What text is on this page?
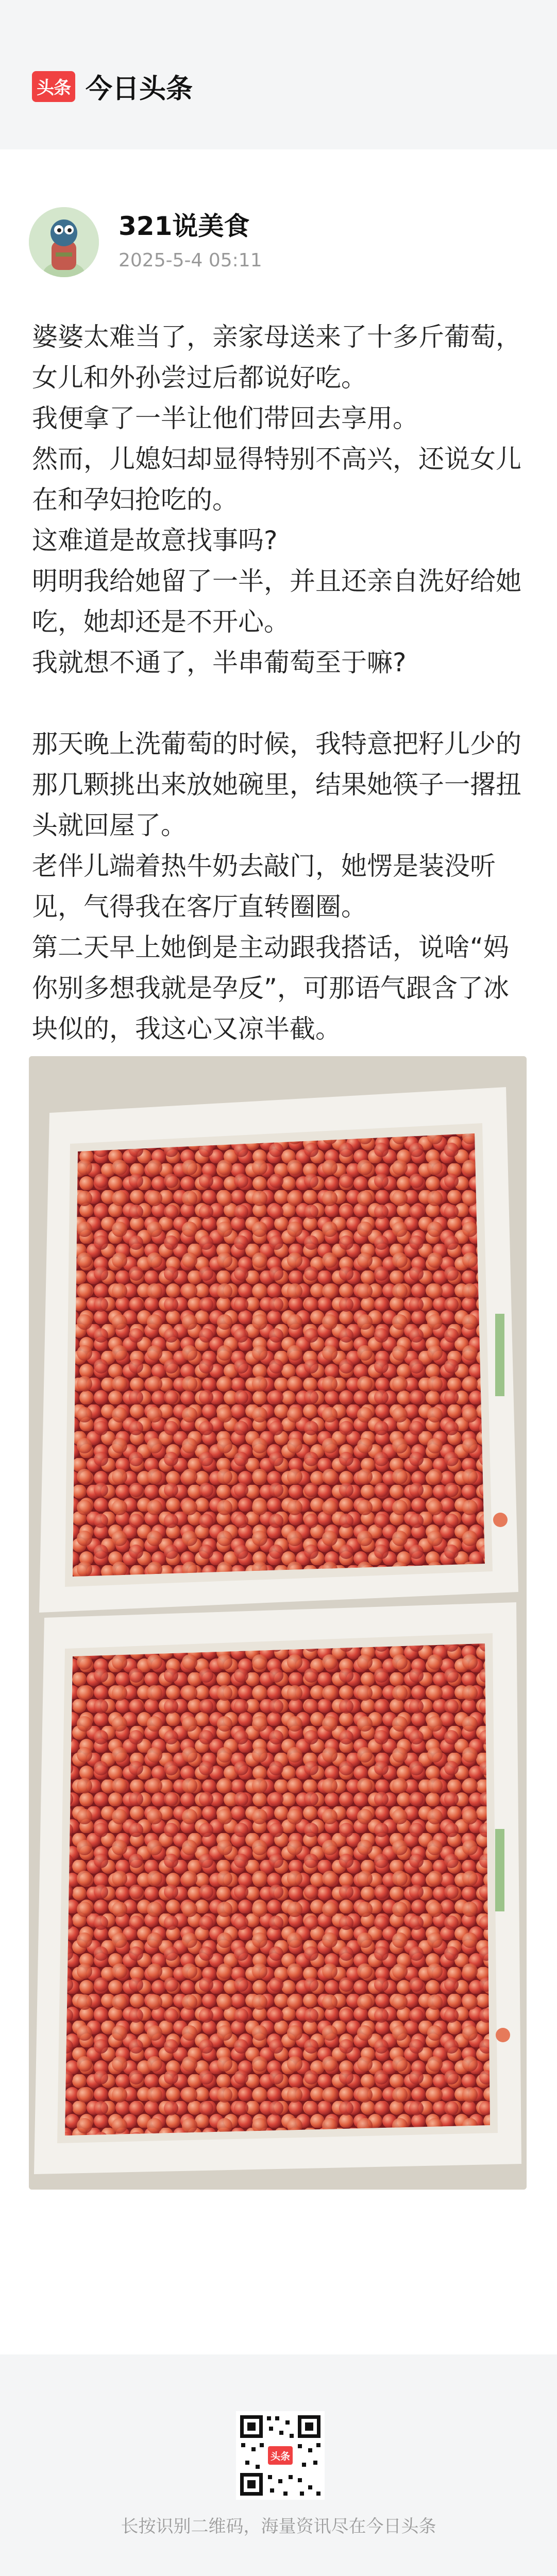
头条 今日头条
321说美食
2025-5-4 05:11

婆婆太难当了，亲家母送来了十多斤葡萄，女儿和外孙尝过后都说好吃。

我便拿了一半让他们带回去享用。

然而，儿媳妇却显得特别不高兴，还说女儿在和孕妇抢吃的。

这难道是故意找事吗?

明明我给她留了一半，并且还亲自洗好给她吃，她却还是不开心。

我就想不通了，半串葡萄至于嘛?

那天晚上洗葡萄的时候，我特意把籽儿少的那几颗挑出来放她碗里，结果她筷子一撂扭头就回屋了。

老伴儿端着热牛奶去敲门，她愣是装没听见，气得我在客厅直转圈圈。

第二天早上她倒是主动跟我搭话，说啥“妈你别多想我就是孕反”，可那语气跟含了冰块似的，我这心又凉半截。

头条
长按识别二维码，海量资讯尽在今日头条
